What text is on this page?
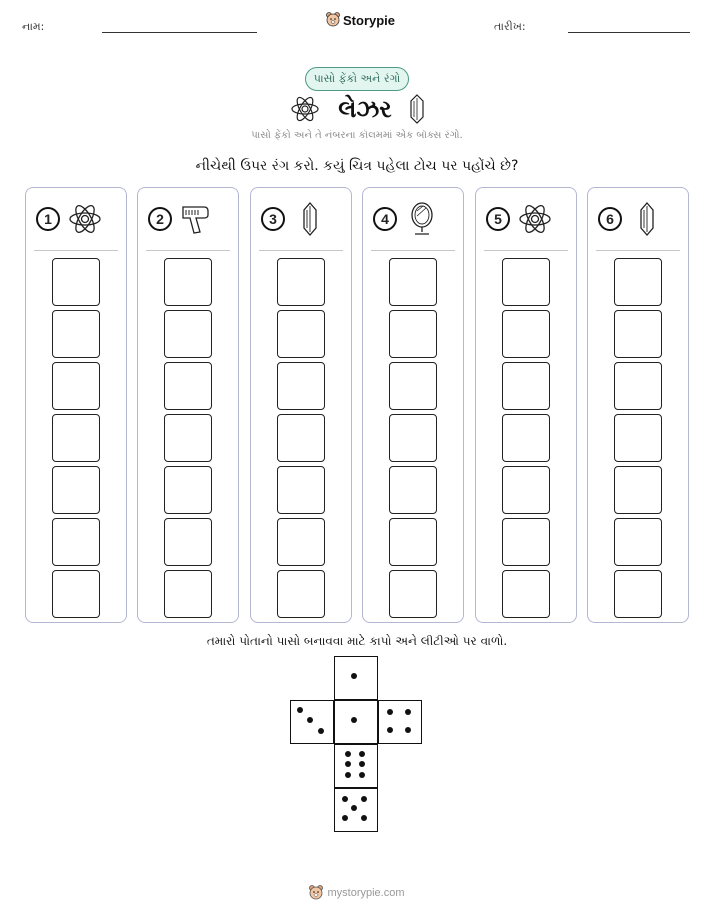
નામ:	Storypie	તારીખ:
પાસો ફેંકો અને રંગો
લેઝર
પાસો ફેંકો અને તે નંબરના કૉલમમાં એક બૉક્સ રંગો.
નીચેથી ઉપર રંગ કરો. કયું ચિત્ર પહેલા ટોચ પર પહોંચે છે?
1	2	3	4	5	6
તમારો પોતાનો પાસો બનાવવા માટે કાપો અને લીટીઓ પર વાળો.
mystorypie.com
